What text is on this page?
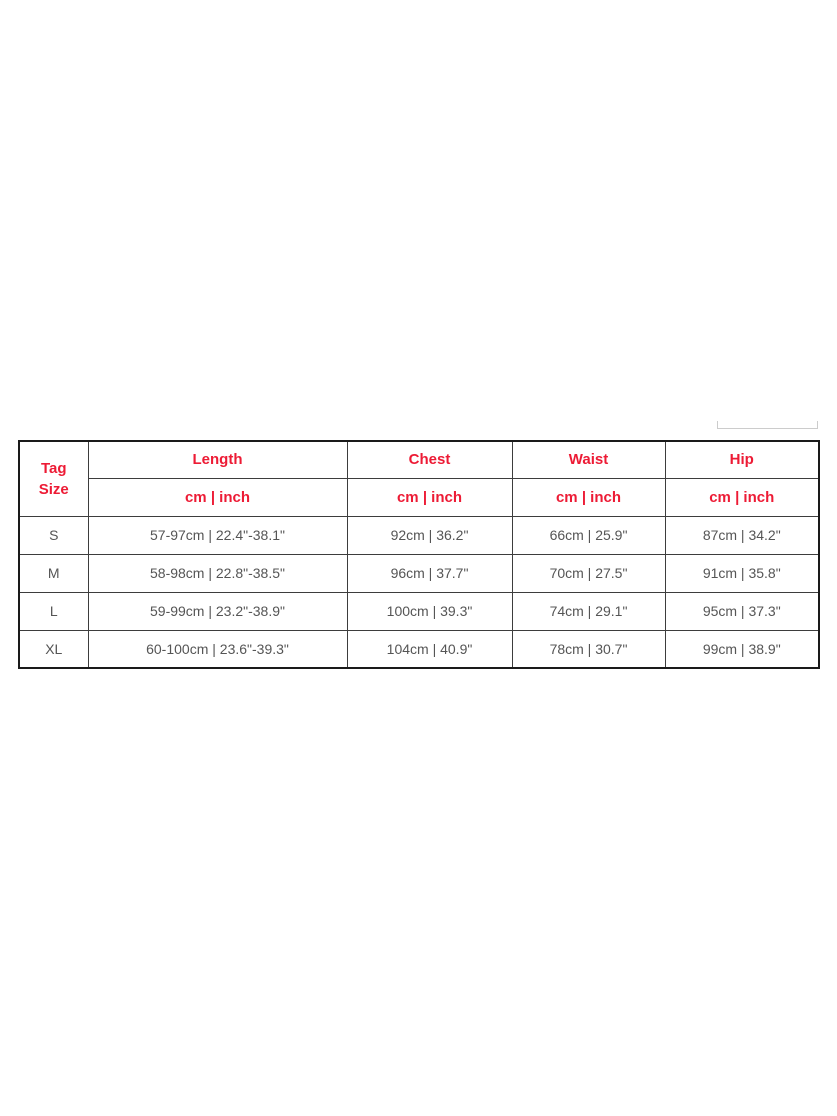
Tag
Size	Length	Chest	Waist	Hip
	cm | inch	cm | inch	cm | inch	cm | inch
S	57-97cm | 22.4"-38.1"	92cm | 36.2"	66cm | 25.9"	87cm | 34.2"
M	58-98cm | 22.8"-38.5"	96cm | 37.7"	70cm | 27.5"	91cm | 35.8"
L	59-99cm | 23.2"-38.9"	100cm | 39.3"	74cm | 29.1"	95cm | 37.3"
XL	60-100cm | 23.6"-39.3"	104cm | 40.9"	78cm | 30.7"	99cm | 38.9"
